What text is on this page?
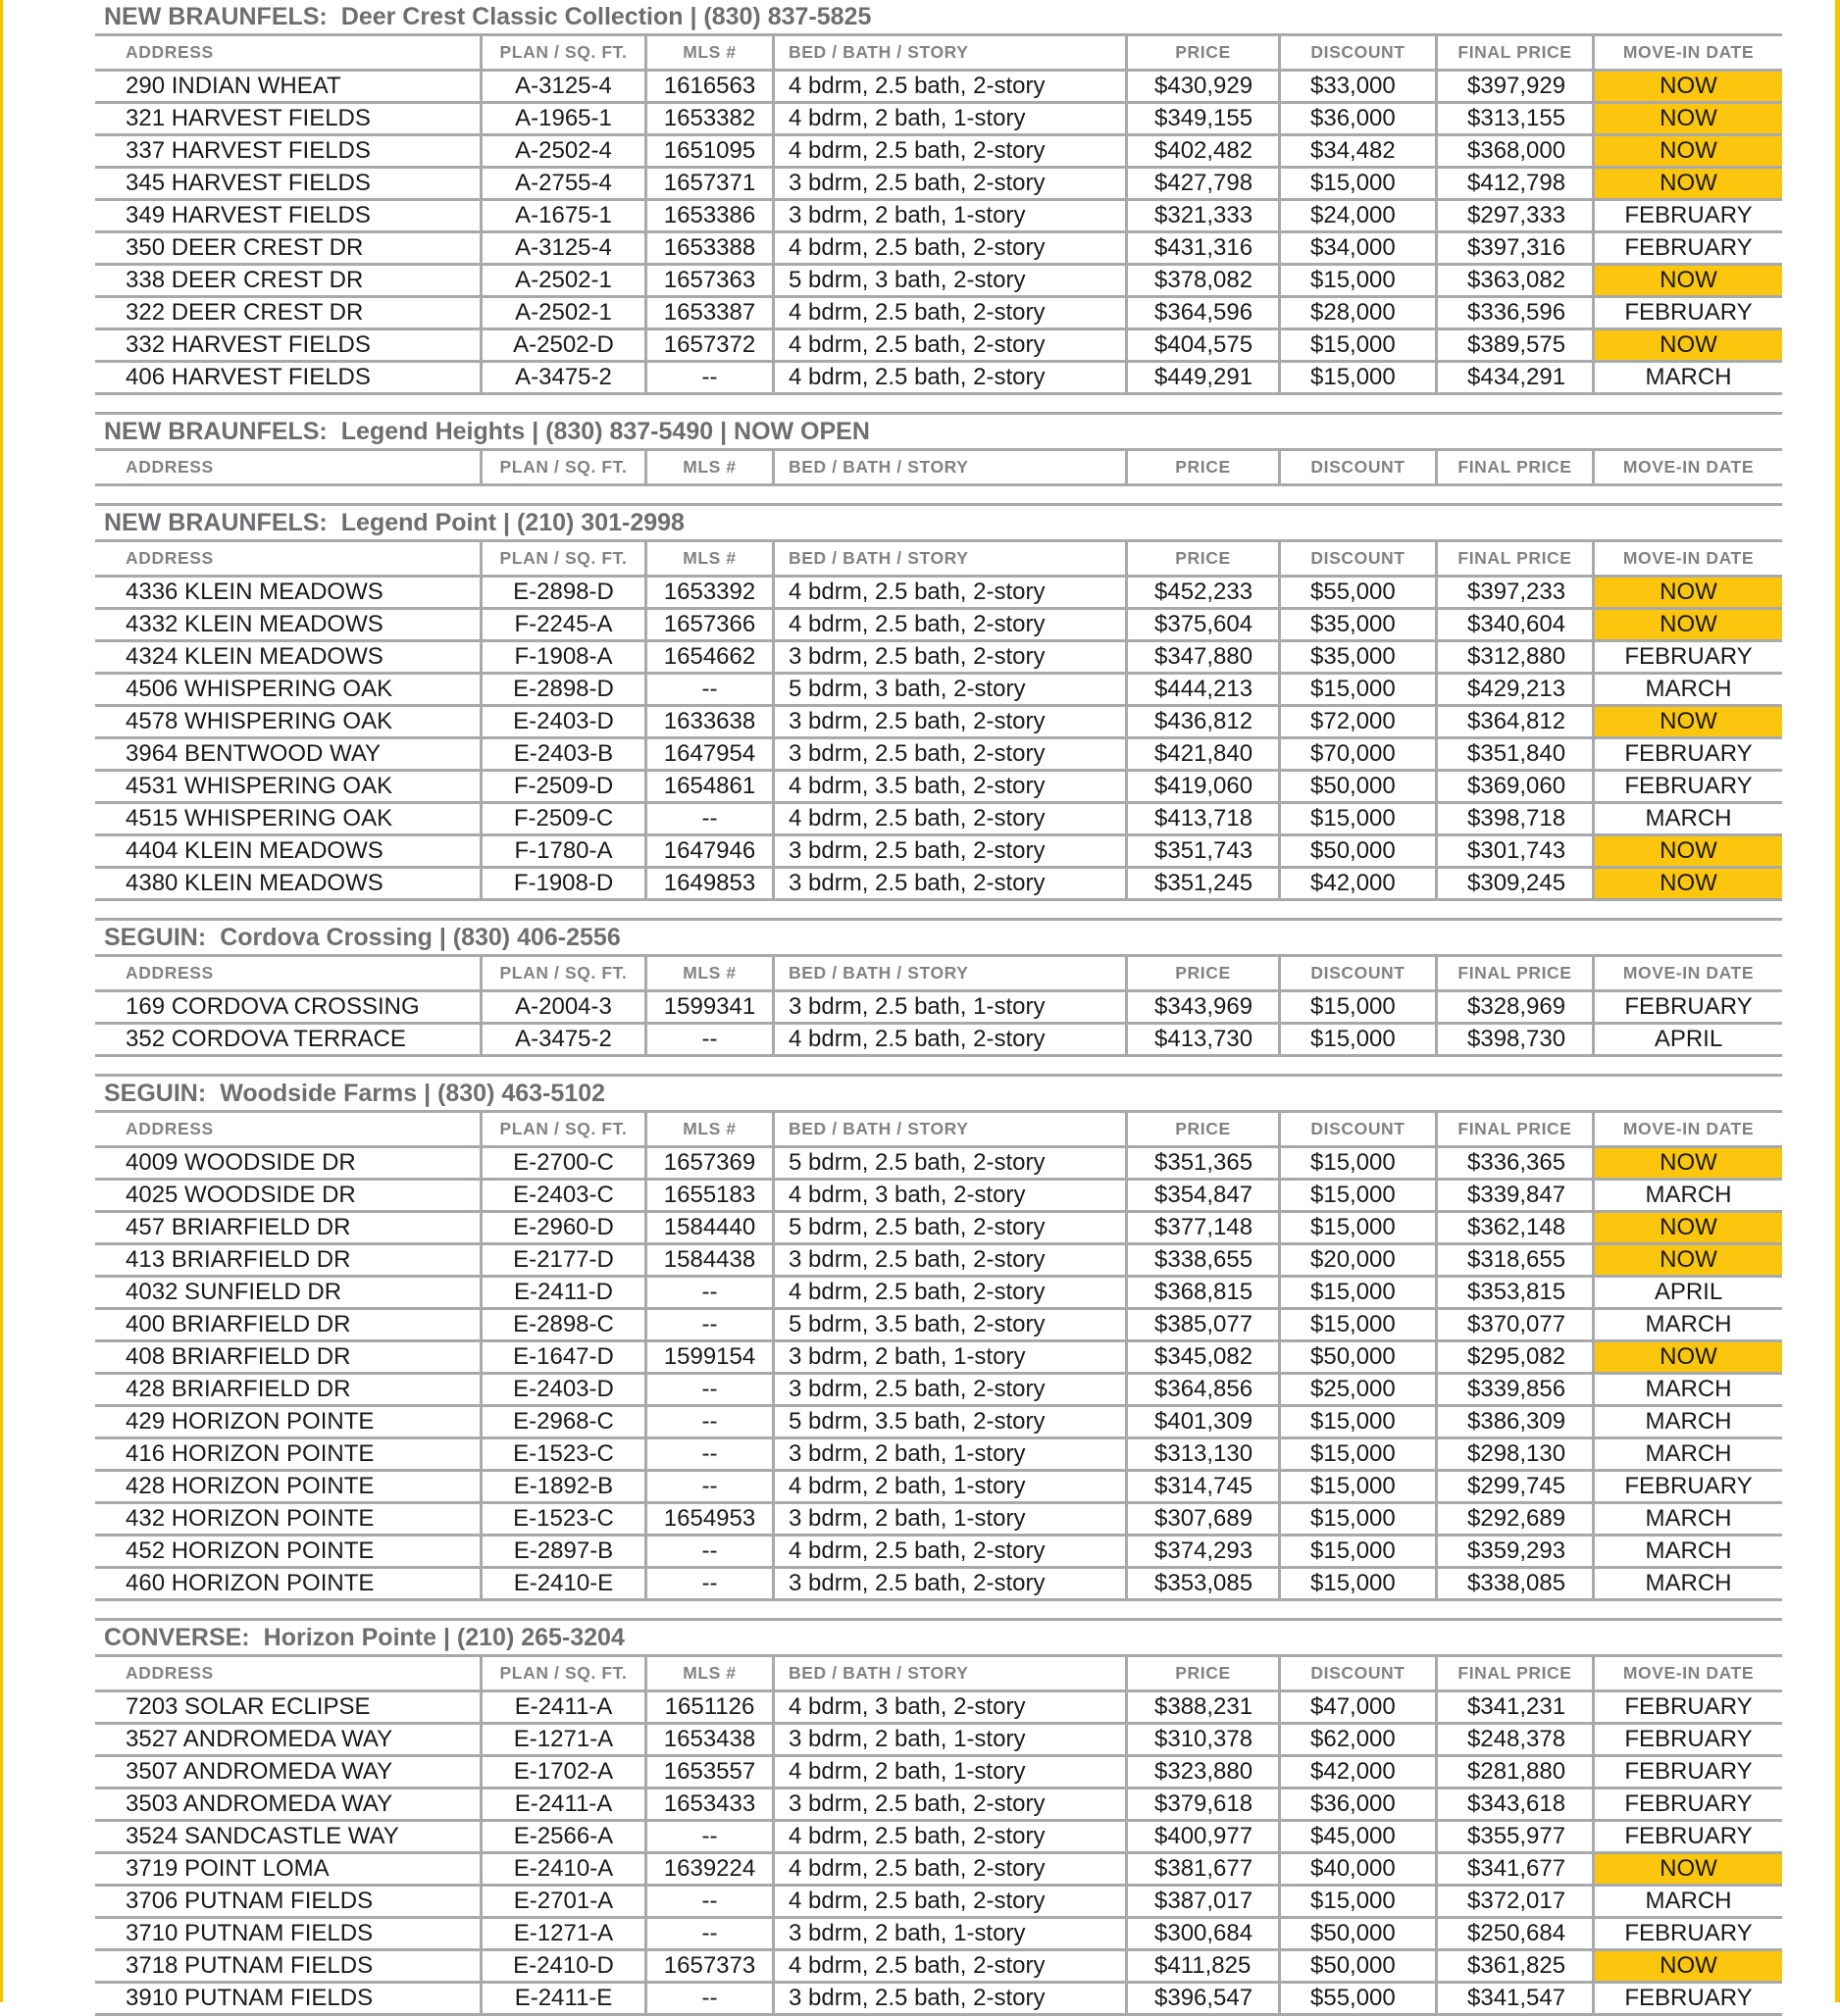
NEW BRAUNFELS: Deer Crest Classic Collection | (830) 837-5825
ADDRESS	PLAN / SQ. FT.	MLS #	BED / BATH / STORY	PRICE	DISCOUNT	FINAL PRICE	MOVE-IN DATE
290 INDIAN WHEAT	A-3125-4	1616563	4 bdrm, 2.5 bath, 2-story	$430,929	$33,000	$397,929	NOW
321 HARVEST FIELDS	A-1965-1	1653382	4 bdrm, 2 bath, 1-story	$349,155	$36,000	$313,155	NOW
337 HARVEST FIELDS	A-2502-4	1651095	4 bdrm, 2.5 bath, 2-story	$402,482	$34,482	$368,000	NOW
345 HARVEST FIELDS	A-2755-4	1657371	3 bdrm, 2.5 bath, 2-story	$427,798	$15,000	$412,798	NOW
349 HARVEST FIELDS	A-1675-1	1653386	3 bdrm, 2 bath, 1-story	$321,333	$24,000	$297,333	FEBRUARY
350 DEER CREST DR	A-3125-4	1653388	4 bdrm, 2.5 bath, 2-story	$431,316	$34,000	$397,316	FEBRUARY
338 DEER CREST DR	A-2502-1	1657363	5 bdrm, 3 bath, 2-story	$378,082	$15,000	$363,082	NOW
322 DEER CREST DR	A-2502-1	1653387	4 bdrm, 2.5 bath, 2-story	$364,596	$28,000	$336,596	FEBRUARY
332 HARVEST FIELDS	A-2502-D	1657372	4 bdrm, 2.5 bath, 2-story	$404,575	$15,000	$389,575	NOW
406 HARVEST FIELDS	A-3475-2	--	4 bdrm, 2.5 bath, 2-story	$449,291	$15,000	$434,291	MARCH
NEW BRAUNFELS: Legend Heights | (830) 837-5490 | NOW OPEN
ADDRESS	PLAN / SQ. FT.	MLS #	BED / BATH / STORY	PRICE	DISCOUNT	FINAL PRICE	MOVE-IN DATE
NEW BRAUNFELS: Legend Point | (210) 301-2998
ADDRESS	PLAN / SQ. FT.	MLS #	BED / BATH / STORY	PRICE	DISCOUNT	FINAL PRICE	MOVE-IN DATE
4336 KLEIN MEADOWS	E-2898-D	1653392	4 bdrm, 2.5 bath, 2-story	$452,233	$55,000	$397,233	NOW
4332 KLEIN MEADOWS	F-2245-A	1657366	4 bdrm, 2.5 bath, 2-story	$375,604	$35,000	$340,604	NOW
4324 KLEIN MEADOWS	F-1908-A	1654662	3 bdrm, 2.5 bath, 2-story	$347,880	$35,000	$312,880	FEBRUARY
4506 WHISPERING OAK	E-2898-D	--	5 bdrm, 3 bath, 2-story	$444,213	$15,000	$429,213	MARCH
4578 WHISPERING OAK	E-2403-D	1633638	3 bdrm, 2.5 bath, 2-story	$436,812	$72,000	$364,812	NOW
3964 BENTWOOD WAY	E-2403-B	1647954	3 bdrm, 2.5 bath, 2-story	$421,840	$70,000	$351,840	FEBRUARY
4531 WHISPERING OAK	F-2509-D	1654861	4 bdrm, 3.5 bath, 2-story	$419,060	$50,000	$369,060	FEBRUARY
4515 WHISPERING OAK	F-2509-C	--	4 bdrm, 2.5 bath, 2-story	$413,718	$15,000	$398,718	MARCH
4404 KLEIN MEADOWS	F-1780-A	1647946	3 bdrm, 2.5 bath, 2-story	$351,743	$50,000	$301,743	NOW
4380 KLEIN MEADOWS	F-1908-D	1649853	3 bdrm, 2.5 bath, 2-story	$351,245	$42,000	$309,245	NOW
SEGUIN: Cordova Crossing | (830) 406-2556
ADDRESS	PLAN / SQ. FT.	MLS #	BED / BATH / STORY	PRICE	DISCOUNT	FINAL PRICE	MOVE-IN DATE
169 CORDOVA CROSSING	A-2004-3	1599341	3 bdrm, 2.5 bath, 1-story	$343,969	$15,000	$328,969	FEBRUARY
352 CORDOVA TERRACE	A-3475-2	--	4 bdrm, 2.5 bath, 2-story	$413,730	$15,000	$398,730	APRIL
SEGUIN: Woodside Farms | (830) 463-5102
ADDRESS	PLAN / SQ. FT.	MLS #	BED / BATH / STORY	PRICE	DISCOUNT	FINAL PRICE	MOVE-IN DATE
4009 WOODSIDE DR	E-2700-C	1657369	5 bdrm, 2.5 bath, 2-story	$351,365	$15,000	$336,365	NOW
4025 WOODSIDE DR	E-2403-C	1655183	4 bdrm, 3 bath, 2-story	$354,847	$15,000	$339,847	MARCH
457 BRIARFIELD DR	E-2960-D	1584440	5 bdrm, 2.5 bath, 2-story	$377,148	$15,000	$362,148	NOW
413 BRIARFIELD DR	E-2177-D	1584438	3 bdrm, 2.5 bath, 2-story	$338,655	$20,000	$318,655	NOW
4032 SUNFIELD DR	E-2411-D	--	4 bdrm, 2.5 bath, 2-story	$368,815	$15,000	$353,815	APRIL
400 BRIARFIELD DR	E-2898-C	--	5 bdrm, 3.5 bath, 2-story	$385,077	$15,000	$370,077	MARCH
408 BRIARFIELD DR	E-1647-D	1599154	3 bdrm, 2 bath, 1-story	$345,082	$50,000	$295,082	NOW
428 BRIARFIELD DR	E-2403-D	--	3 bdrm, 2.5 bath, 2-story	$364,856	$25,000	$339,856	MARCH
429 HORIZON POINTE	E-2968-C	--	5 bdrm, 3.5 bath, 2-story	$401,309	$15,000	$386,309	MARCH
416 HORIZON POINTE	E-1523-C	--	3 bdrm, 2 bath, 1-story	$313,130	$15,000	$298,130	MARCH
428 HORIZON POINTE	E-1892-B	--	4 bdrm, 2 bath, 1-story	$314,745	$15,000	$299,745	FEBRUARY
432 HORIZON POINTE	E-1523-C	1654953	3 bdrm, 2 bath, 1-story	$307,689	$15,000	$292,689	MARCH
452 HORIZON POINTE	E-2897-B	--	4 bdrm, 2.5 bath, 2-story	$374,293	$15,000	$359,293	MARCH
460 HORIZON POINTE	E-2410-E	--	3 bdrm, 2.5 bath, 2-story	$353,085	$15,000	$338,085	MARCH
CONVERSE: Horizon Pointe | (210) 265-3204
ADDRESS	PLAN / SQ. FT.	MLS #	BED / BATH / STORY	PRICE	DISCOUNT	FINAL PRICE	MOVE-IN DATE
7203 SOLAR ECLIPSE	E-2411-A	1651126	4 bdrm, 3 bath, 2-story	$388,231	$47,000	$341,231	FEBRUARY
3527 ANDROMEDA WAY	E-1271-A	1653438	3 bdrm, 2 bath, 1-story	$310,378	$62,000	$248,378	FEBRUARY
3507 ANDROMEDA WAY	E-1702-A	1653557	4 bdrm, 2 bath, 1-story	$323,880	$42,000	$281,880	FEBRUARY
3503 ANDROMEDA WAY	E-2411-A	1653433	3 bdrm, 2.5 bath, 2-story	$379,618	$36,000	$343,618	FEBRUARY
3524 SANDCASTLE WAY	E-2566-A	--	4 bdrm, 2.5 bath, 2-story	$400,977	$45,000	$355,977	FEBRUARY
3719 POINT LOMA	E-2410-A	1639224	4 bdrm, 2.5 bath, 2-story	$381,677	$40,000	$341,677	NOW
3706 PUTNAM FIELDS	E-2701-A	--	4 bdrm, 2.5 bath, 2-story	$387,017	$15,000	$372,017	MARCH
3710 PUTNAM FIELDS	E-1271-A	--	3 bdrm, 2 bath, 1-story	$300,684	$50,000	$250,684	FEBRUARY
3718 PUTNAM FIELDS	E-2410-D	1657373	4 bdrm, 2.5 bath, 2-story	$411,825	$50,000	$361,825	NOW
3910 PUTNAM FIELDS	E-2411-E	--	3 bdrm, 2.5 bath, 2-story	$396,547	$55,000	$341,547	FEBRUARY
